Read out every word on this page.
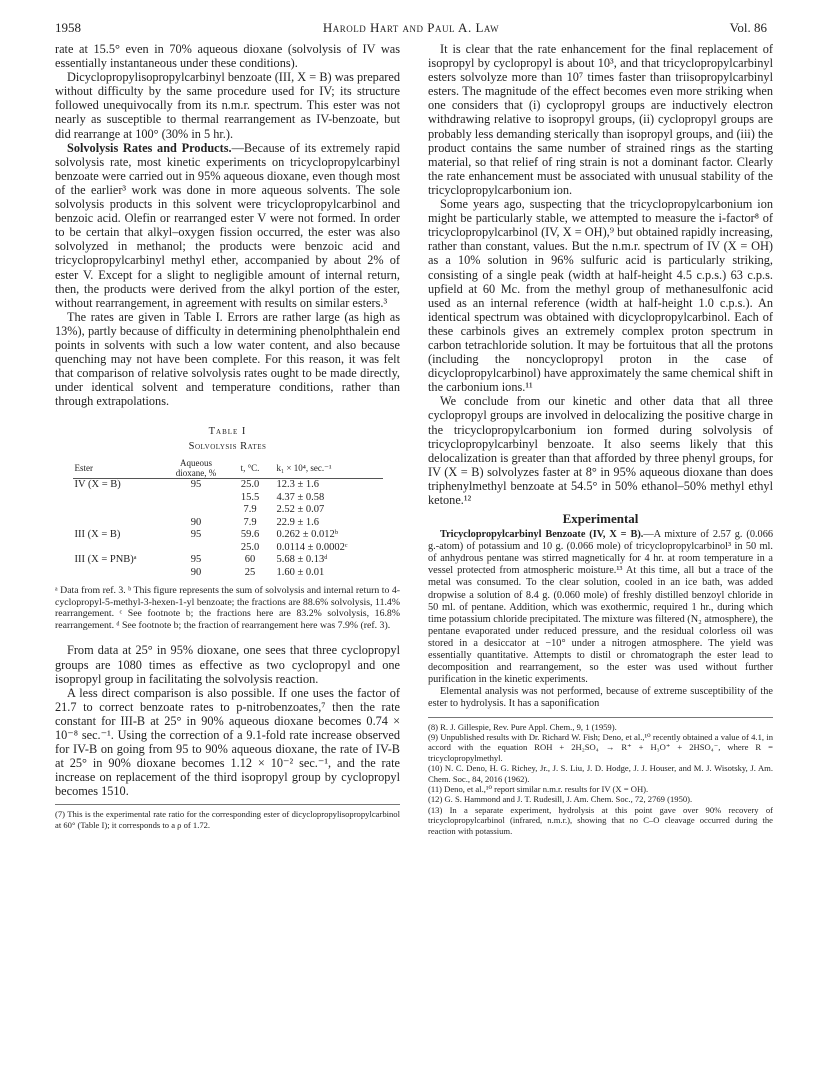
1958	Harold Hart and Paul A. Law	Vol. 86

rate at 15.5° even in 70% aqueous dioxane (solvolysis of IV was essentially instantaneous under these conditions).

Dicyclopropylisopropylcarbinyl benzoate (III, X = B) was prepared without difficulty by the same procedure used for IV; its structure followed unequivocally from its n.m.r. spectrum. This ester was not nearly as susceptible to thermal rearrangement as IV-benzoate, but did rearrange at 100° (30% in 5 hr.).

Solvolysis Rates and Products.—Because of its extremely rapid solvolysis rate, most kinetic experiments on tricyclopropylcarbinyl benzoate were carried out in 95% aqueous dioxane, even though most of the earlier³ work was done in more aqueous solvents. The sole solvolysis products in this solvent were tricyclopropylcarbinol and benzoic acid. Olefin or rearranged ester V were not formed. In order to be certain that alkyl–oxygen fission occurred, the ester was also solvolyzed in methanol; the products were benzoic acid and tricyclopropylcarbinyl methyl ether, accompanied by about 2% of ester V. Except for a slight to negligible amount of internal return, then, the products were derived from the alkyl portion of the ester, without rearrangement, in agreement with results on similar esters.³

The rates are given in Table I. Errors are rather large (as high as 13%), partly because of difficulty in determining phenolphthalein end points in solvents with such a low water content, and also because quenching may not have been complete. For this reason, it was felt that comparison of relative solvolysis rates ought to be made directly, under identical solvent and temperature conditions, rather than through extrapolations.

Table I
Solvolysis Rates
Ester	Aqueous dioxane, %	t, °C.	k₁ × 10⁴, sec.⁻¹
IV (X = B)	95	25.0	12.3 ± 1.6
		15.5	4.37 ± 0.58
		7.9	2.52 ± 0.07
	90	7.9	22.9 ± 1.6
III (X = B)	95	59.6	0.262 ± 0.012ᵇ
		25.0	0.0114 ± 0.0002ᶜ
III (X = PNB)ᵃ	95	60	5.68 ± 0.13ᵈ
	90	25	1.60 ± 0.01
ᵃ Data from ref. 3. ᵇ This figure represents the sum of solvolysis and internal return to 4-cyclopropyl-5-methyl-3-hexen-1-yl benzoate; the fractions are 88.6% solvolysis, 11.4% rearrangement. ᶜ See footnote b; the fractions here are 83.2% solvolysis, 16.8% rearrangement. ᵈ See footnote b; the fraction of rearrangement here was 7.9% (ref. 3).

From data at 25° in 95% dioxane, one sees that three cyclopropyl groups are 1080 times as effective as two cyclopropyl and one isopropyl group in facilitating the solvolysis reaction.

A less direct comparison is also possible. If one uses the factor of 21.7 to correct benzoate rates to p-nitrobenzoates,⁷ then the rate constant for III-B at 25° in 90% aqueous dioxane becomes 0.74 × 10⁻⁸ sec.⁻¹. Using the correction of a 9.1-fold rate increase observed for IV-B on going from 95 to 90% aqueous dioxane, the rate of IV-B at 25° in 90% dioxane becomes 1.12 × 10⁻² sec.⁻¹, and the rate increase on replacement of the third isopropyl group by cyclopropyl becomes 1510.

(7) This is the experimental rate ratio for the corresponding ester of dicyclopropylisopropylcarbinol at 60° (Table I); it corresponds to a ρ of 1.72.

It is clear that the rate enhancement for the final replacement of isopropyl by cyclopropyl is about 10³, and that tricyclopropylcarbinyl esters solvolyze more than 10⁷ times faster than triisopropylcarbinyl esters. The magnitude of the effect becomes even more striking when one considers that (i) cyclopropyl groups are inductively electron withdrawing relative to isopropyl groups, (ii) cyclopropyl groups are probably less demanding sterically than isopropyl groups, and (iii) the product contains the same number of strained rings as the starting material, so that relief of ring strain is not a dominant factor. Clearly the rate enhancement must be associated with unusual stability of the tricyclopropylcarbonium ion.

Some years ago, suspecting that the tricyclopropylcarbonium ion might be particularly stable, we attempted to measure the i-factor⁸ of tricyclopropylcarbinol (IV, X = OH),⁹ but obtained rapidly increasing, rather than constant, values. But the n.m.r. spectrum of IV (X = OH) as a 10% solution in 96% sulfuric acid is particularly striking, consisting of a single peak (width at half-height 4.5 c.p.s.) 63 c.p.s. upfield at 60 Mc. from the methyl group of methanesulfonic acid used as an internal reference (width at half-height 1.0 c.p.s.). An identical spectrum was obtained with dicyclopropylcarbinol. Each of these carbinols gives an extremely complex proton spectrum in carbon tetrachloride solution. It may be fortuitous that all the protons (including the noncyclopropyl proton in the case of dicyclopropylcarbinol) have approximately the same chemical shift in the carbonium ions.¹¹

We conclude from our kinetic and other data that all three cyclopropyl groups are involved in delocalizing the positive charge in the tricyclopropylcarbonium ion formed during solvolysis of tricyclopropylcarbinyl benzoate. It also seems likely that this delocalization is greater than that afforded by three phenyl groups, for IV (X = B) solvolyzes faster at 8° in 95% aqueous dioxane than does triphenylmethyl benzoate at 54.5° in 50% ethanol–50% methyl ethyl ketone.¹²

Experimental
Tricyclopropylcarbinyl Benzoate (IV, X = B).—A mixture of 2.57 g. (0.066 g.-atom) of potassium and 10 g. (0.066 mole) of tricyclopropylcarbinol³ in 50 ml. of anhydrous pentane was stirred magnetically for 4 hr. at room temperature in a vessel protected from atmospheric moisture.¹³ At this time, all but a trace of the metal was consumed. To the clear solution, cooled in an ice bath, was added dropwise a solution of 8.4 g. (0.060 mole) of freshly distilled benzoyl chloride in 50 ml. of pentane. Addition, which was exothermic, required 1 hr., during which time potassium chloride precipitated. The mixture was filtered (N₂ atmosphere), the pentane evaporated under reduced pressure, and the residual colorless oil was stored in a desiccator at −10° under a nitrogen atmosphere. The yield was essentially quantitative. Attempts to distil or chromatograph the ester lead to decomposition and rearrangement, so the ester was used without further purification in the kinetic experiments.
Elemental analysis was not performed, because of extreme susceptibility of the ester to hydrolysis. It has a saponification
(8) R. J. Gillespie, Rev. Pure Appl. Chem., 9, 1 (1959).
(9) Unpublished results with Dr. Richard W. Fish; Deno, et al.,¹⁰ recently obtained a value of 4.1, in accord with the equation ROH + 2H₂SO₄ → R⁺ + H₃O⁺ + 2HSO₄⁻, where R = tricyclopropylmethyl.
(10) N. C. Deno, H. G. Richey, Jr., J. S. Liu, J. D. Hodge, J. J. Houser, and M. J. Wisotsky, J. Am. Chem. Soc., 84, 2016 (1962).
(11) Deno, et al.,¹⁰ report similar n.m.r. results for IV (X = OH).
(12) G. S. Hammond and J. T. Rudesill, J. Am. Chem. Soc., 72, 2769 (1950).
(13) In a separate experiment, hydrolysis at this point gave over 90% recovery of tricyclopropylcarbinol (infrared, n.m.r.), showing that no C–O cleavage occurred during the reaction with potassium.
